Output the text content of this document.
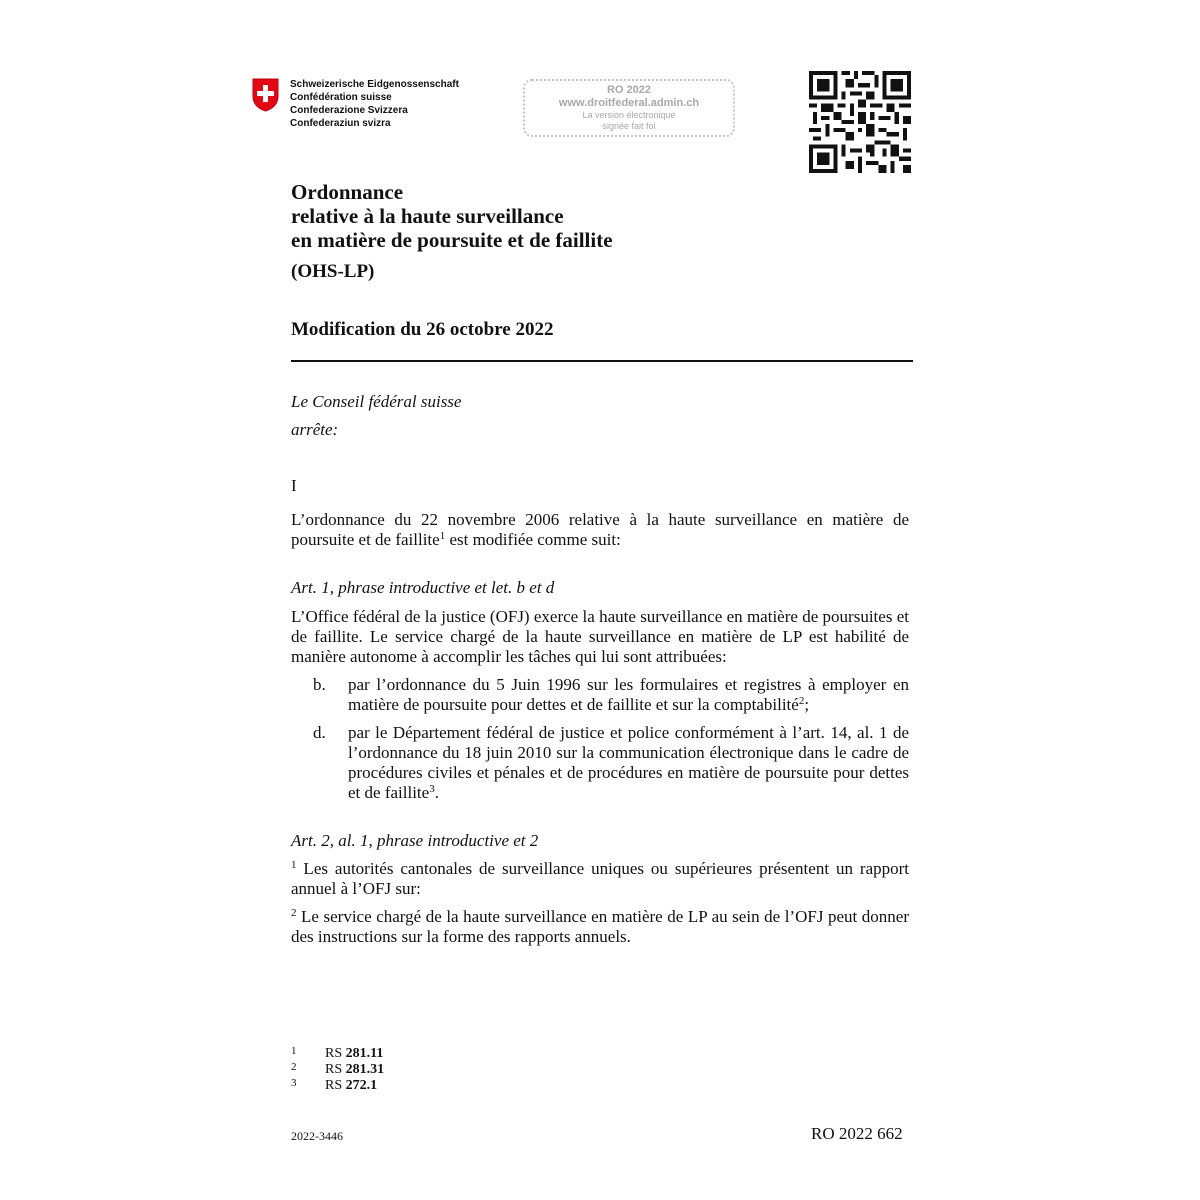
Schweizerische Eidgenossenschaft
Confédération suisse
Confederazione Svizzera
Confederaziun svizra
RO 2022
www.droitfederal.admin.ch
La version électronique
signée fait foi
Ordonnance
relative à la haute surveillance
en matière de poursuite et de faillite
(OHS-LP)
Modification du 26 octobre 2022
Le Conseil fédéral suisse
arrête:
I
L’ordonnance du 22 novembre 2006 relative à la haute surveillance en matière de poursuite et de faillite$^1$ est modifiée comme suit:
Art. 1, phrase introductive et let. b et d
L’Office fédéral de la justice (OFJ) exerce la haute surveillance en matière de poursuites et de faillite. Le service chargé de la haute surveillance en matière de LP est habilité de manière autonome à accomplir les tâches qui lui sont attribuées:
b. par l’ordonnance du 5 Juin 1996 sur les formulaires et registres à employer en matière de poursuite pour dettes et de faillite et sur la comptabilité$^2$;
d. par le Département fédéral de justice et police conformément à l’art. 14, al. 1 de l’ordonnance du 18 juin 2010 sur la communication électronique dans le cadre de procédures civiles et pénales et de procédures en matière de poursuite pour dettes et de faillite$^3$.
Art. 2, al. 1, phrase introductive et 2
$^1$ Les autorités cantonales de surveillance uniques ou supérieures présentent un rapport annuel à l’OFJ sur:
$^2$ Le service chargé de la haute surveillance en matière de LP au sein de l’OFJ peut donner des instructions sur la forme des rapports annuels.
1 RS 281.11
2 RS 281.31
3 RS 272.1
2022-3446	RO 2022 662
